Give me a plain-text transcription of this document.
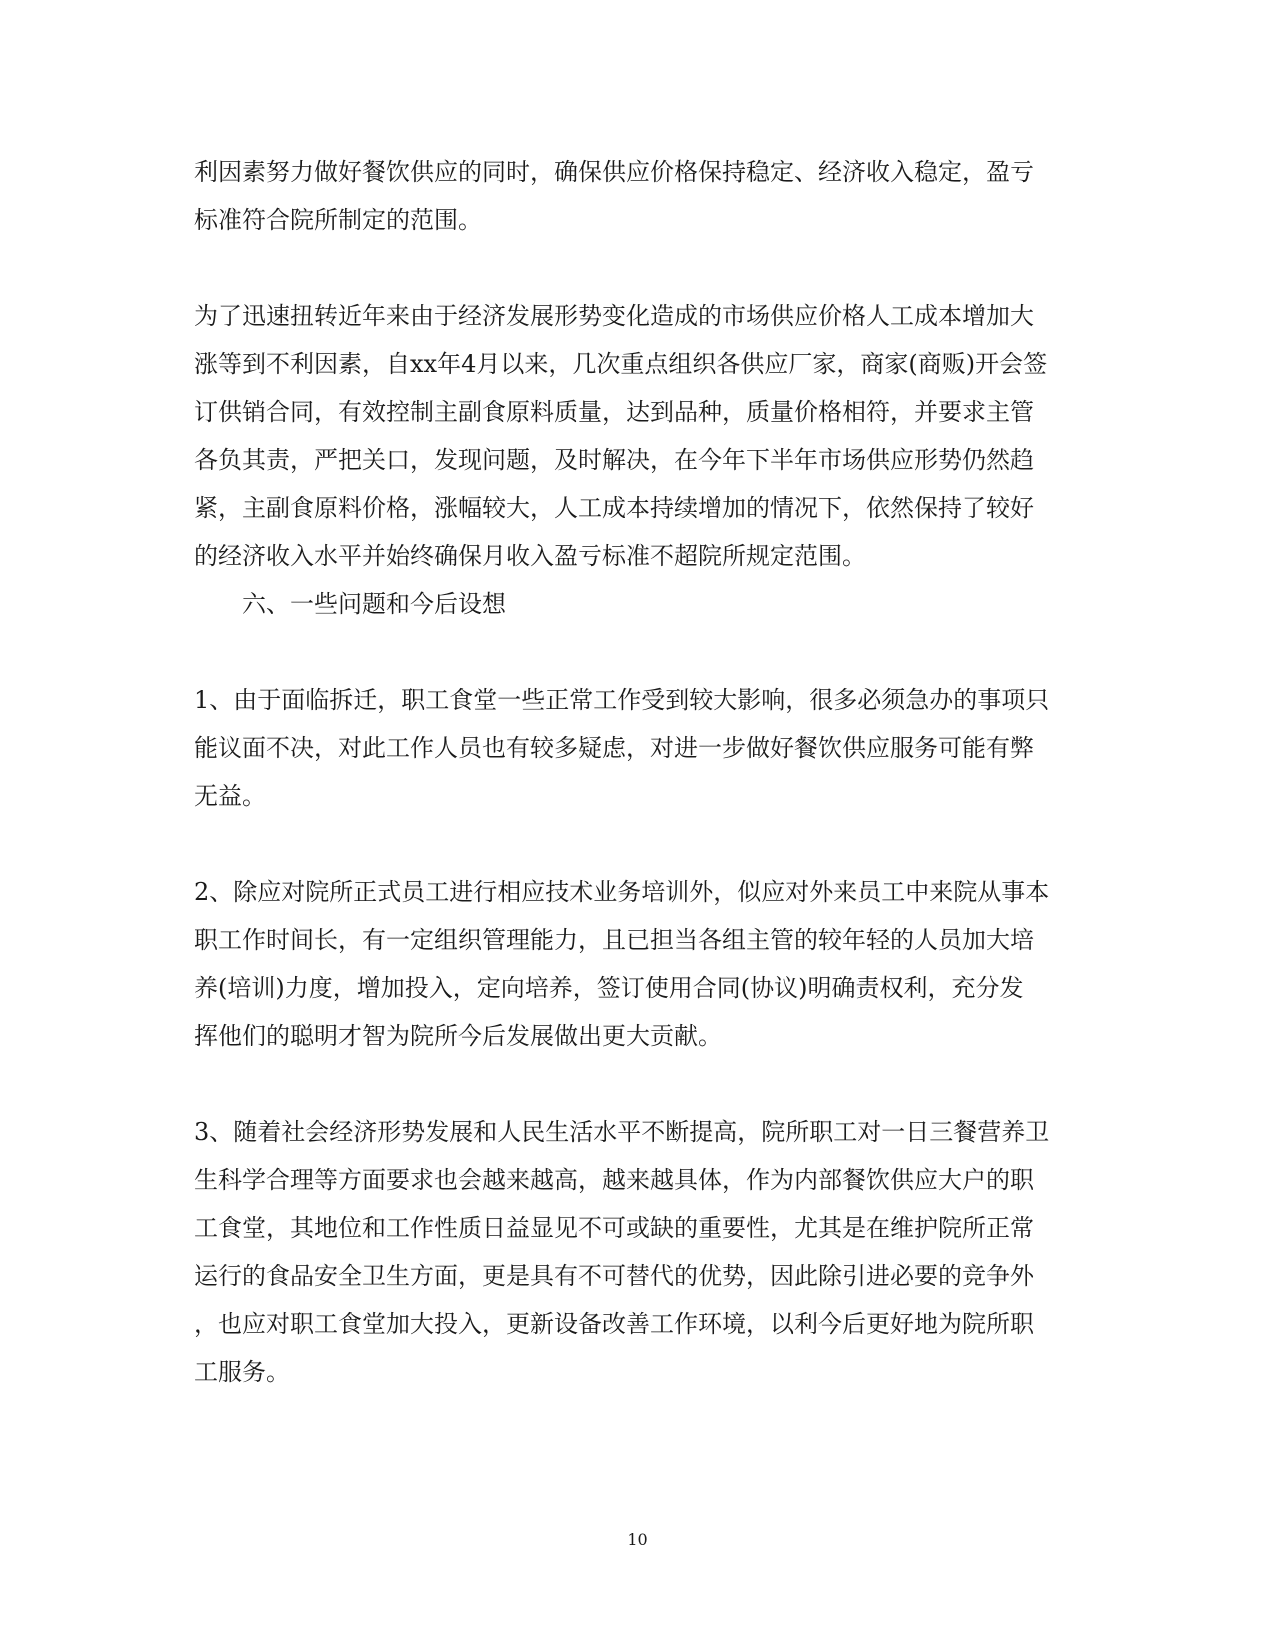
利因素努力做好餐饮供应的同时，确保供应价格保持稳定、经济收入稳定，盈亏
标准符合院所制定的范围。
为了迅速扭转近年来由于经济发展形势变化造成的市场供应价格人工成本增加大
涨等到不利因素，自xx年4月以来，几次重点组织各供应厂家，商家(商贩)开会签
订供销合同，有效控制主副食原料质量，达到品种，质量价格相符，并要求主管
各负其责，严把关口，发现问题，及时解决，在今年下半年市场供应形势仍然趋
紧，主副食原料价格，涨幅较大，人工成本持续增加的情况下，依然保持了较好
的经济收入水平并始终确保月收入盈亏标准不超院所规定范围。
六、一些问题和今后设想
1、由于面临拆迁，职工食堂一些正常工作受到较大影响，很多必须急办的事项只
能议面不决，对此工作人员也有较多疑虑，对进一步做好餐饮供应服务可能有弊
无益。
2、除应对院所正式员工进行相应技术业务培训外，似应对外来员工中来院从事本
职工作时间长，有一定组织管理能力，且已担当各组主管的较年轻的人员加大培
养(培训)力度，增加投入，定向培养，签订使用合同(协议)明确责权利，充分发
挥他们的聪明才智为院所今后发展做出更大贡献。
3、随着社会经济形势发展和人民生活水平不断提高，院所职工对一日三餐营养卫
生科学合理等方面要求也会越来越高，越来越具体，作为内部餐饮供应大户的职
工食堂，其地位和工作性质日益显见不可或缺的重要性，尤其是在维护院所正常
运行的食品安全卫生方面，更是具有不可替代的优势，因此除引进必要的竞争外
，也应对职工食堂加大投入，更新设备改善工作环境，以利今后更好地为院所职
工服务。
10
